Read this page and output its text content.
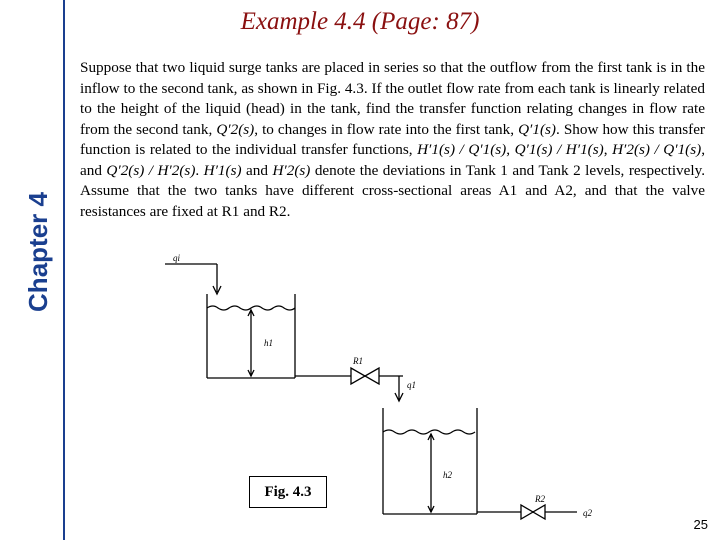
Chapter 4
Example 4.4 (Page: 87)
Suppose that two liquid surge tanks are placed in series so that the outflow from the first tank is in the inflow to the second tank, as shown in Fig. 4.3. If the outlet flow rate from each tank is linearly related to the height of the liquid (head) in the tank, find the transfer function relating changes in flow rate from the second tank, Q′2(s), to changes in flow rate into the first tank, Q′1(s). Show how this transfer function is related to the individual transfer functions, H′1(s) / Q′1(s), Q′1(s) / H′1(s), H′2(s) / Q′1(s), and Q′2(s) / H′2(s). H′1(s) and H′2(s) denote the deviations in Tank 1 and Tank 2 levels, respectively. Assume that the two tanks have different cross-sectional areas A1 and A2, and that the valve resistances are fixed at R1 and R2.
qi
h1
R1
q1
h2
R2
q2
Fig. 4.3
25
